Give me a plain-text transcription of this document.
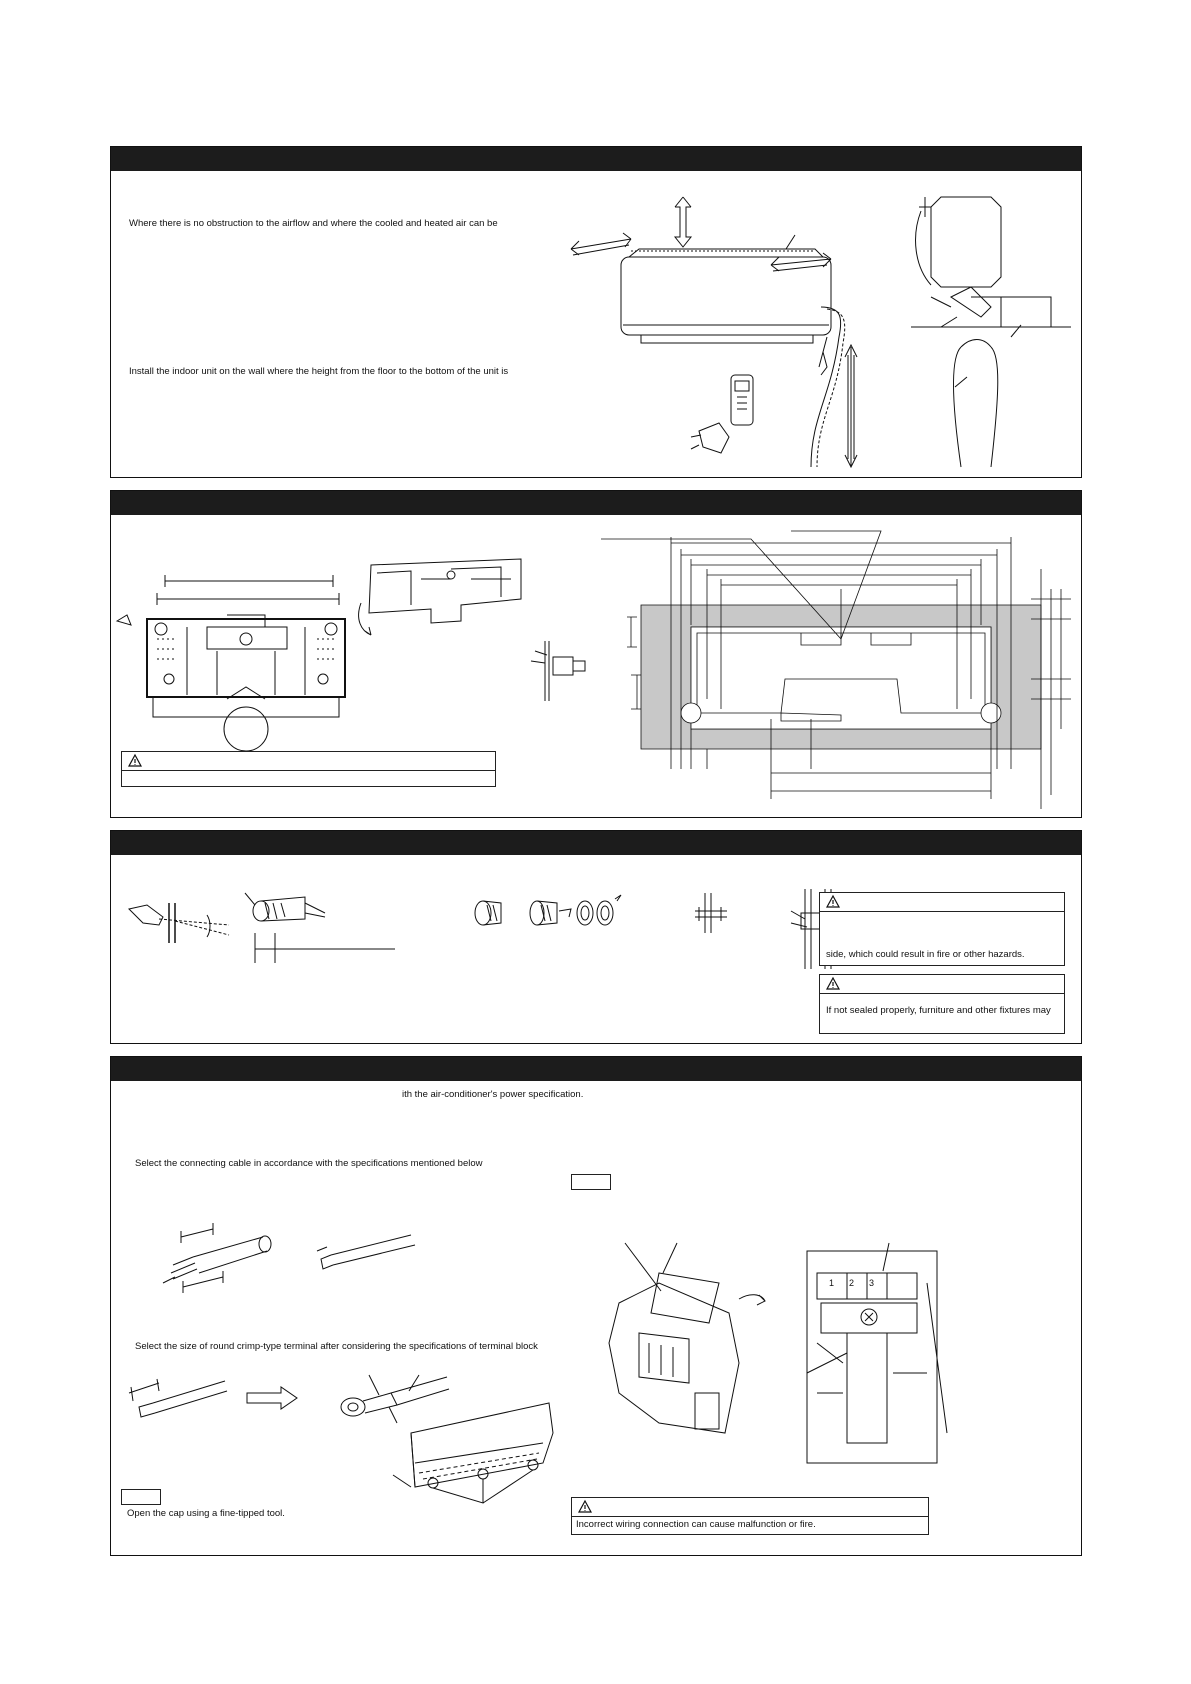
Where there is no obstruction to the airflow and where the cooled and heated air can be
Install the indoor unit on the wall where the height from the floor to the bottom of the unit is
side, which could result in fire or other hazards.
If not sealed properly, furniture and other fixtures may
ith the air-conditioner's power specification.
Select the connecting cable in accordance with the specifications mentioned below
Select the size of round crimp-type terminal after considering the specifications of terminal block
Open the cap using a fine-tipped tool.
1 2 3
Incorrect wiring connection can cause malfunction or fire.
